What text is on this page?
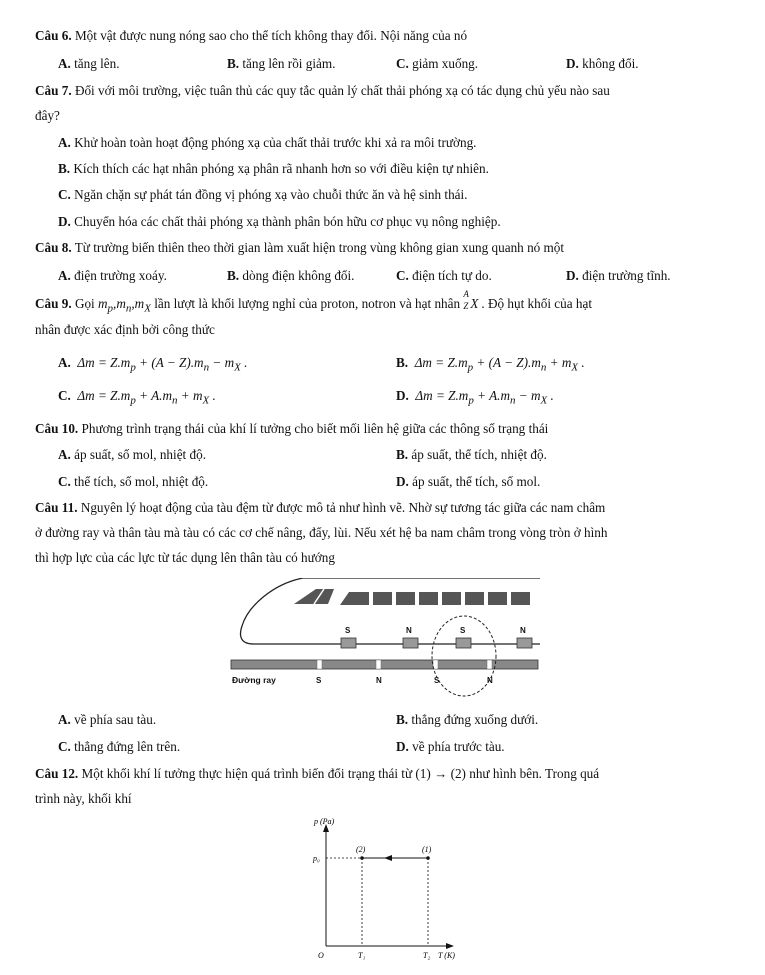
Câu 6. Một vật được nung nóng sao cho thể tích không thay đổi. Nội năng của nó
A. tăng lên.	B. tăng lên rồi giảm.	C. giảm xuống.	D. không đổi.
Câu 7. Đối với môi trường, việc tuân thủ các quy tắc quản lý chất thải phóng xạ có tác dụng chủ yếu nào sau
đây?
A. Khử hoàn toàn hoạt động phóng xạ của chất thải trước khi xả ra môi trường.
B. Kích thích các hạt nhân phóng xạ phân rã nhanh hơn so với điều kiện tự nhiên.
C. Ngăn chặn sự phát tán đồng vị phóng xạ vào chuỗi thức ăn và hệ sinh thái.
D. Chuyển hóa các chất thải phóng xạ thành phân bón hữu cơ phục vụ nông nghiệp.
Câu 8. Từ trường biến thiên theo thời gian làm xuất hiện trong vùng không gian xung quanh nó một
A. điện trường xoáy.	B. dòng điện không đổi.	C. điện tích tự do.	D. điện trường tĩnh.
Câu 9. Gọi $m_p,m_n,m_X$ lần lượt là khối lượng nghỉ của proton, notron và hạt nhân
A
Z X . Độ hụt khối của hạt
nhân được xác định bởi công thức
A.  $\Delta m = Z.m_p + (A - Z).m_n - m_X$ .	B.  $\Delta m = Z.m_p + (A - Z).m_n + m_X$ .
C.  $\Delta m = Z.m_p + A.m_n + m_X$ .	D.  $\Delta m = Z.m_p + A.m_n - m_X$ .
Câu 10. Phương trình trạng thái của khí lí tưởng cho biết mối liên hệ giữa các thông số trạng thái
A. áp suất, số mol, nhiệt độ.	B. áp suất, thể tích, nhiệt độ.
C. thể tích, số mol, nhiệt độ.	D. áp suất, thể tích, số mol.
Câu 11. Nguyên lý hoạt động của tàu đệm từ được mô tả như hình vẽ. Nhờ sự tương tác giữa các nam châm
ở đường ray và thân tàu mà tàu có các cơ chế nâng, đẩy, lùi. Nếu xét hệ ba nam châm trong vòng tròn ở hình
thì hợp lực của các lực từ tác dụng lên thân tàu có hướng
S	N	S	N
Đường ray	S	N	S	N
A. về phía sau tàu.	B. thẳng đứng xuống dưới.
C. thẳng đứng lên trên.	D. về phía trước tàu.
Câu 12. Một khối khí lí tưởng thực hiện quá trình biến đổi trạng thái từ (1) → (2) như hình bên. Trong quá
trình này, khối khí
p (Pa)
p₀
(2)	(1)
O	T₁	T₂ T (K)
